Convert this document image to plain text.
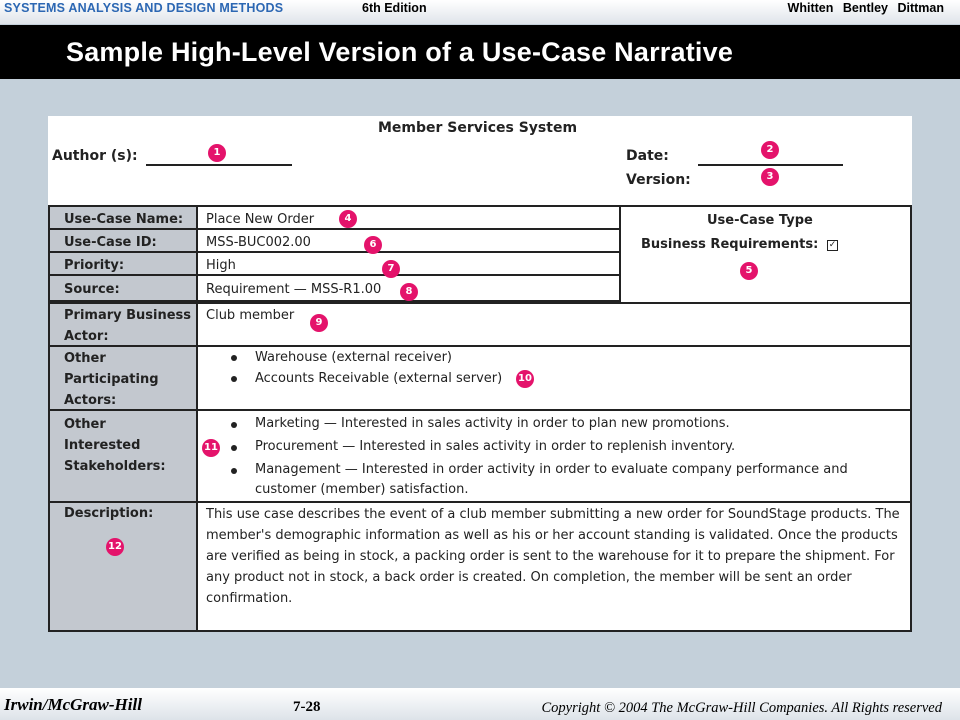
SYSTEMS ANALYSIS AND DESIGN METHODS	6th Edition	Whitten Bentley Dittman
Sample High-Level Version of a Use-Case Narrative
Member Services System
Author (s):	Date:
Version:
Use-Case Name: Place New Order
Use-Case ID:	MSS-BUC002.00
Priority:	High
Source:	Requirement — MSS-R1.00
Use-Case Type
Business Requirements: ✓
Primary Business
Actor:
Club member
Other
Participating
Actors:
Warehouse (external receiver)
Accounts Receivable (external server)
Other
Interested
Stakeholders:
Marketing — Interested in sales activity in order to plan new promotions.
Procurement — Interested in sales activity in order to replenish inventory.
Management — Interested in order activity in order to evaluate company performance and customer (member) satisfaction.
Description:	This use case describes the event of a club member submitting a new order for SoundStage products. The member's demographic information as well as his or her account standing is validated. Once the products are verified as being in stock, a packing order is sent to the warehouse for it to prepare the shipment. For any product not in stock, a back order is created. On completion, the member will be sent an order confirmation.
1	2
3
4
5
6
7
8
9
10
11
12
Irwin/McGraw-Hill	7-28	Copyright © 2004 The McGraw-Hill Companies. All Rights reserved
